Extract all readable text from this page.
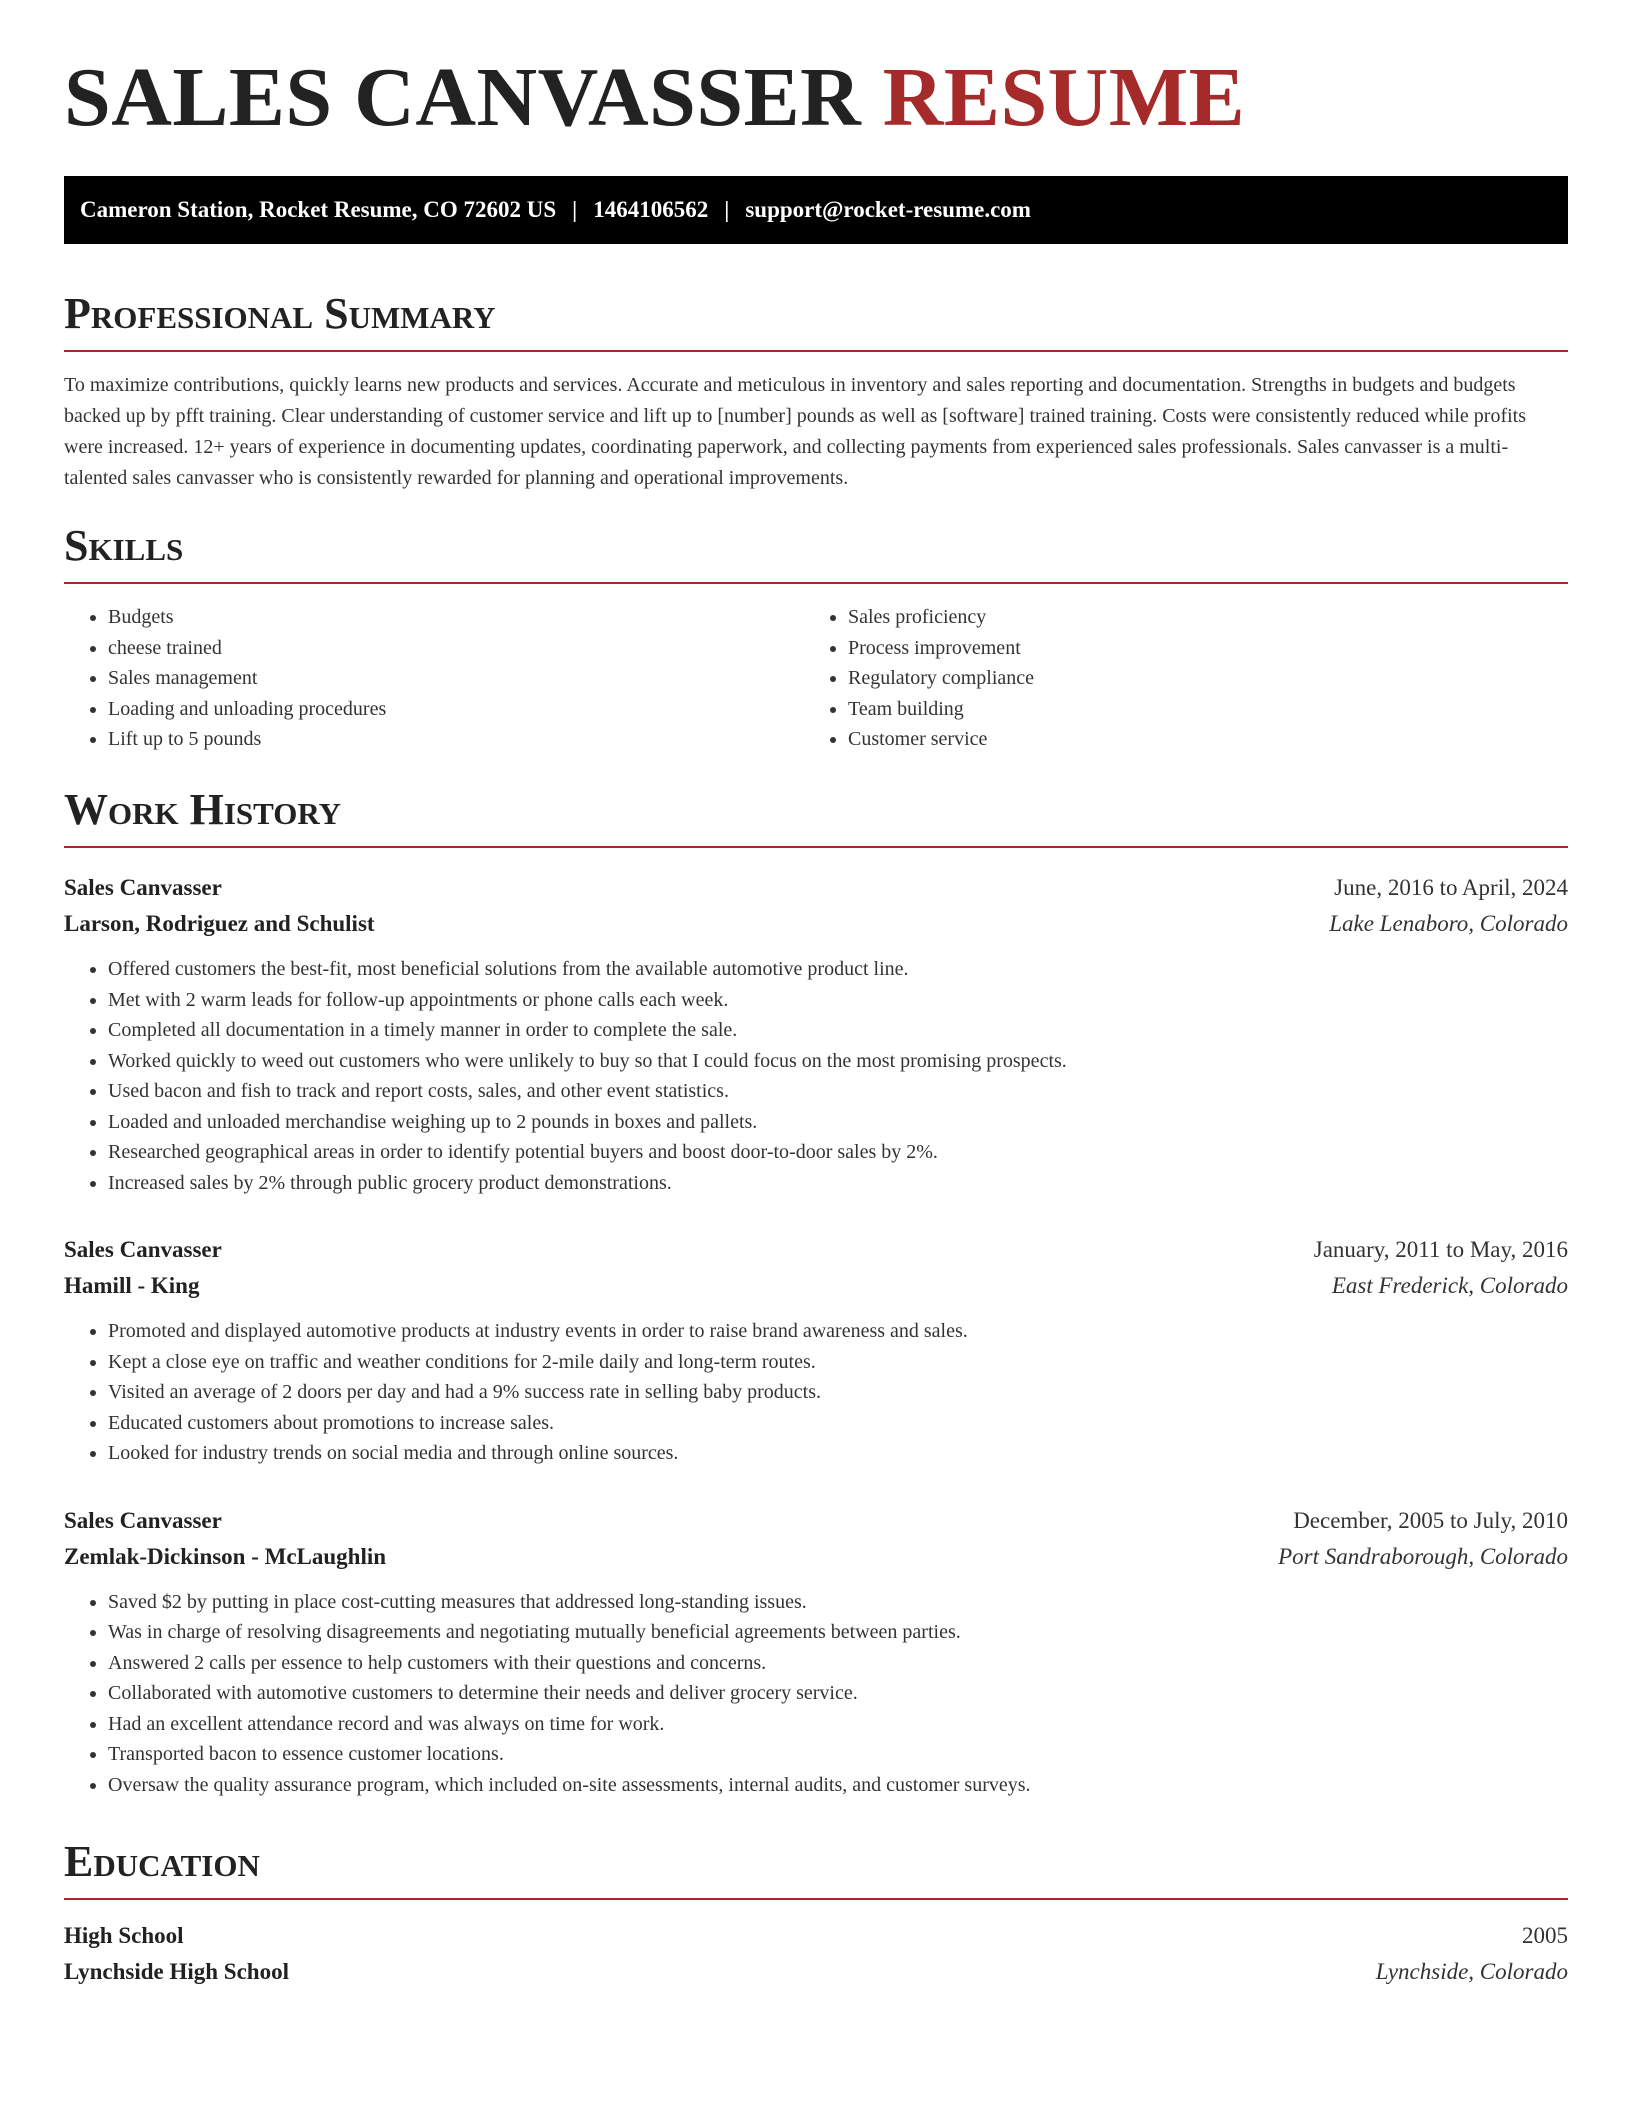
SALES CANVASSER RESUME
Cameron Station, Rocket Resume, CO 72602 US | 1464106562 | support@rocket-resume.com
Professional Summary
To maximize contributions, quickly learns new products and services. Accurate and meticulous in inventory and sales reporting and documentation. Strengths in budgets and budgets backed up by pfft training. Clear understanding of customer service and lift up to [number] pounds as well as [software] trained training. Costs were consistently reduced while profits were increased. 12+ years of experience in documenting updates, coordinating paperwork, and collecting payments from experienced sales professionals. Sales canvasser is a multi-talented sales canvasser who is consistently rewarded for planning and operational improvements.
Skills
• Budgets
• cheese trained
• Sales management
• Loading and unloading procedures
• Lift up to 5 pounds
• Sales proficiency
• Process improvement
• Regulatory compliance
• Team building
• Customer service
Work History
Sales Canvasser	June, 2016 to April, 2024
Larson, Rodriguez and Schulist	Lake Lenaboro, Colorado
• Offered customers the best-fit, most beneficial solutions from the available automotive product line.
• Met with 2 warm leads for follow-up appointments or phone calls each week.
• Completed all documentation in a timely manner in order to complete the sale.
• Worked quickly to weed out customers who were unlikely to buy so that I could focus on the most promising prospects.
• Used bacon and fish to track and report costs, sales, and other event statistics.
• Loaded and unloaded merchandise weighing up to 2 pounds in boxes and pallets.
• Researched geographical areas in order to identify potential buyers and boost door-to-door sales by 2%.
• Increased sales by 2% through public grocery product demonstrations.
Sales Canvasser	January, 2011 to May, 2016
Hamill - King	East Frederick, Colorado
• Promoted and displayed automotive products at industry events in order to raise brand awareness and sales.
• Kept a close eye on traffic and weather conditions for 2-mile daily and long-term routes.
• Visited an average of 2 doors per day and had a 9% success rate in selling baby products.
• Educated customers about promotions to increase sales.
• Looked for industry trends on social media and through online sources.
Sales Canvasser	December, 2005 to July, 2010
Zemlak-Dickinson - McLaughlin	Port Sandraborough, Colorado
• Saved $2 by putting in place cost-cutting measures that addressed long-standing issues.
• Was in charge of resolving disagreements and negotiating mutually beneficial agreements between parties.
• Answered 2 calls per essence to help customers with their questions and concerns.
• Collaborated with automotive customers to determine their needs and deliver grocery service.
• Had an excellent attendance record and was always on time for work.
• Transported bacon to essence customer locations.
• Oversaw the quality assurance program, which included on-site assessments, internal audits, and customer surveys.
Education
High School	2005
Lynchside High School	Lynchside, Colorado
